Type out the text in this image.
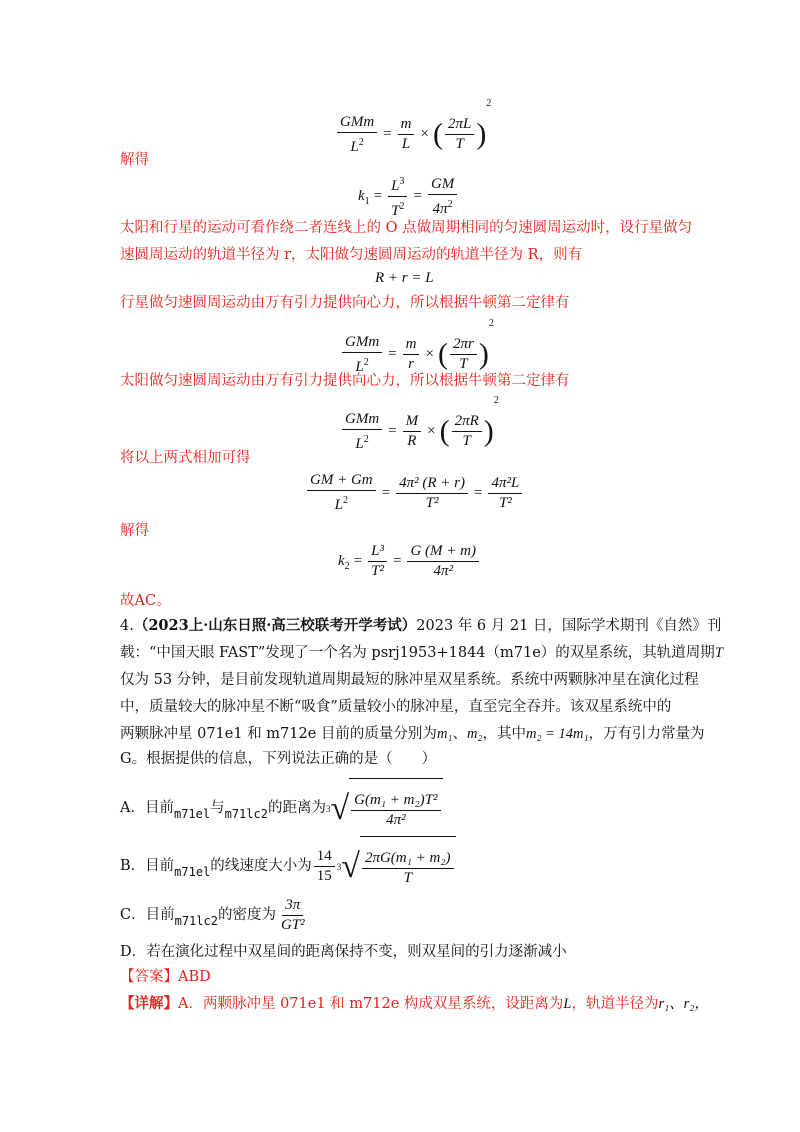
$\frac{\text{GMm}}{L^2} = \frac{m}{L}$ × ( $\frac{2\pi L}{T} )^2$
解得
$k_1 = \frac{L^3}{T^2} = \frac{GM}{4\pi^2}$
太阳和行星的运动可看作绕二者连线上的 O 点做周期相同的匀速圆周运动时，设行星做匀
速圆周运动的轨道半径为 r，太阳做匀速圆周运动的轨道半径为 R，则有
R + r = L
行星做匀速圆周运动由万有引力提供向心力，所以根据牛顿第二定律有
$\frac{\text{GMm}}{L^2} = \frac{m}{r}$ × ( $\frac{2\pi r}{T} )^2$
太阳做匀速圆周运动由万有引力提供向心力，所以根据牛顿第二定律有
$\frac{\text{GMm}}{L^2} = \frac{M}{R}$ × ( $\frac{2\pi R}{T} )^2$
将以上两式相加可得
$\frac{GM + Gm}{L^2} = \frac{\text{4π² (R + r)}}{\text{T²}} = \frac{\text{4π²L}}{\text{T²}}$
解得
$k_2 = \frac{\text{L³}}{\text{T²}} = \frac{G (M + m)}{\text{4π²}}$
故AC。
4.（2023上·山东日照·高三校联考开学考试）2023 年 6 月 21 日，国际学术期刊《自然》刊
载：“中国天眼 FAST”发现了一个名为 psrj1953+1844（m71e）的双星系统，其轨道周期T
仅为 53 分钟，是目前发现轨道周期最短的脉冲星双星系统。系统中两颗脉冲星在演化过程
中，质量较大的脉冲星不断“吸食”质量较小的脉冲星，直至完全吞并。该双星系统中的
两颗脉冲星 071e1 和 m712e 目前的质量分别为m₁、m₂，其中m₂ = 14m₁，万有引力常量为
G。根据提供的信息，下列说法正确的是（　　）
A．目前$_{m71el}$与$_{m71lc2}$的距离为 3 √ $\frac{\text{G(m₁ + m₂)T²}}{\text{4π²}}$
B．目前$_{m71el}$的线速度大小为 $\frac{14}{15} 3$ √ $\frac{\text{2πG(m₁ + m₂)}}{T}$
C．目前$_{m71lc2}$的密度为 $\frac{3\pi}{\text{GT²}}$
D．若在演化过程中双星间的距离保持不变，则双星间的引力逐渐减小
【答案】ABD
【详解】A．两颗脉冲星 071e1 和 m712e 构成双星系统，设距离为L，轨道半径为r₁、r₂，
